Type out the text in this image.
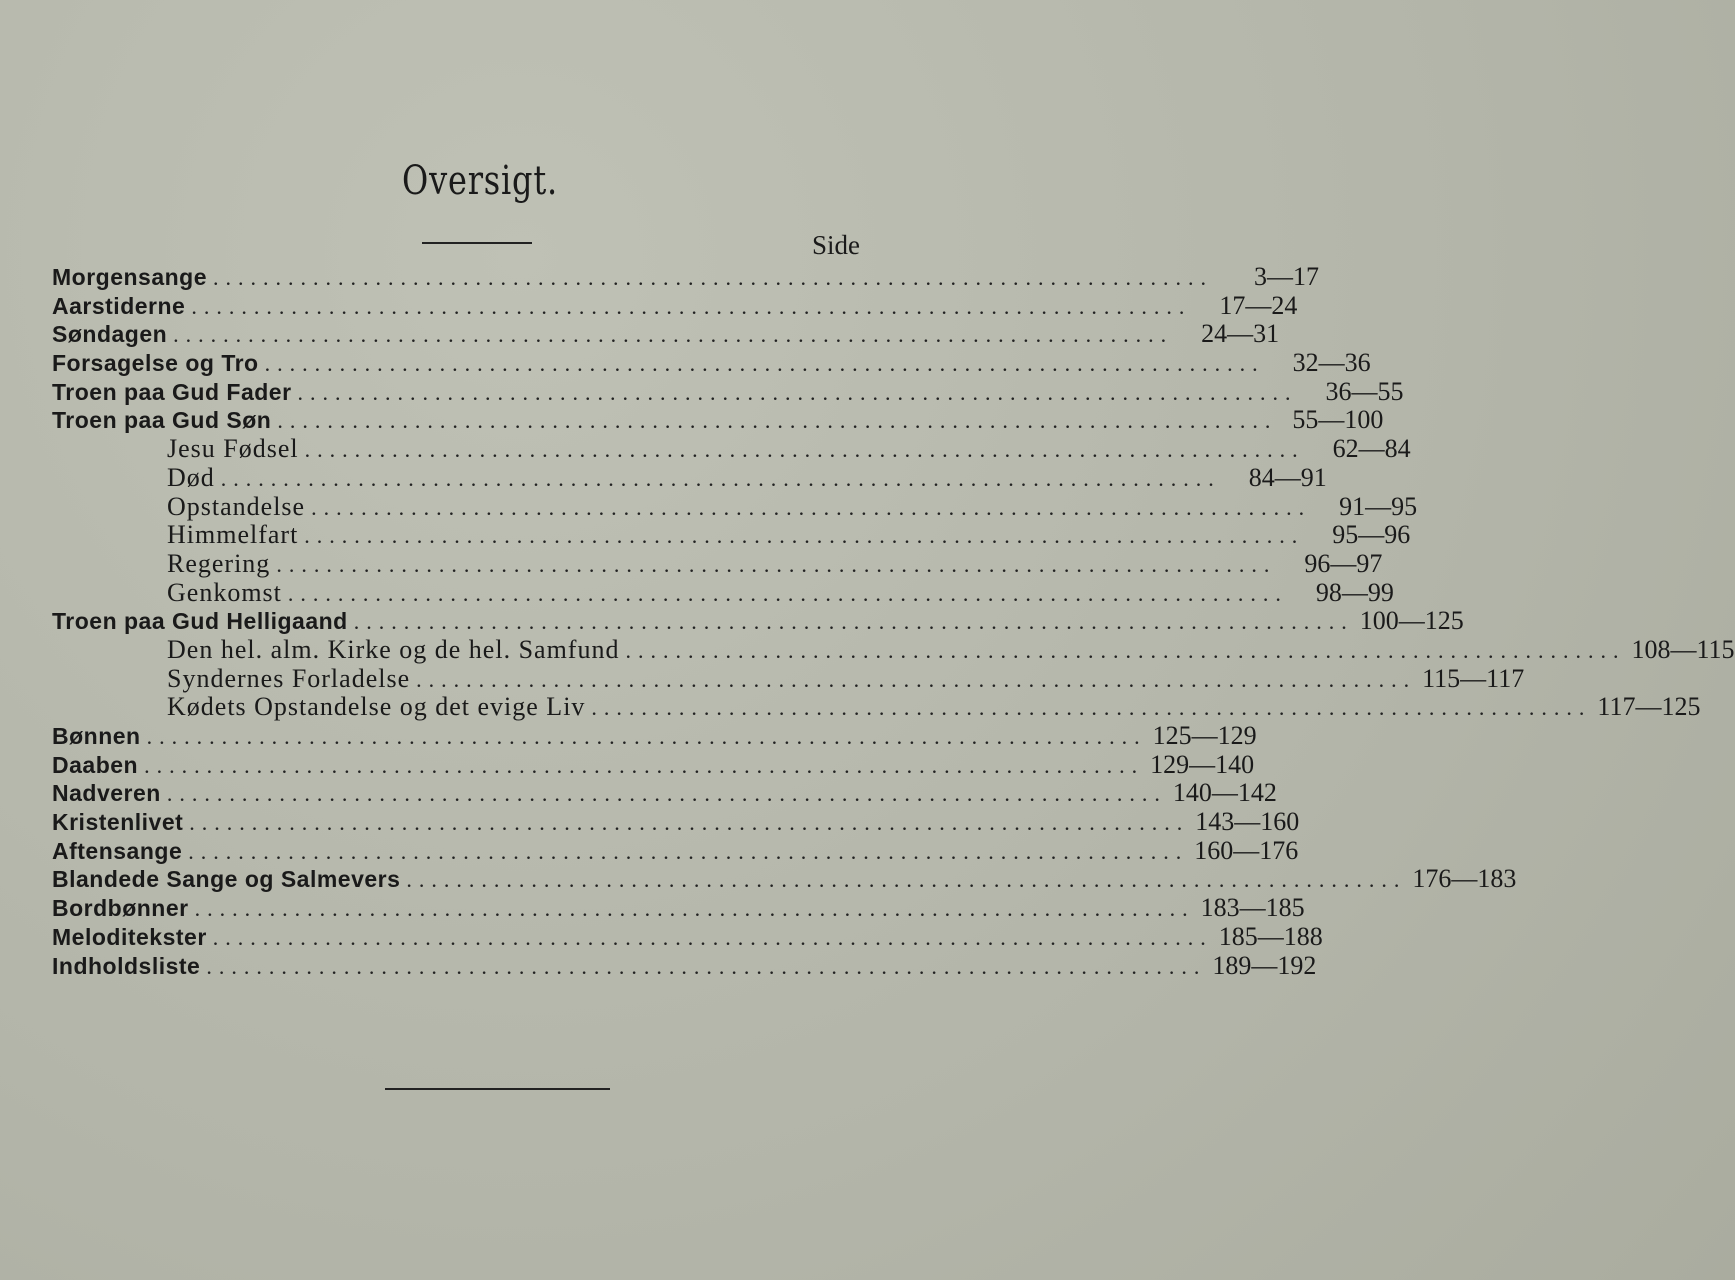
Oversigt.
Side
Morgensange ................................................................................	3—17
Aarstiderne ................................................................................	17—24
Søndagen ................................................................................	24—31
Forsagelse og Tro ................................................................................	32—36
Troen paa Gud Fader ................................................................................	36—55
Troen paa Gud Søn ................................................................................ 55—100
Jesu Fødsel ................................................................................	62—84
Død ................................................................................	84—91
Opstandelse ................................................................................	91—95
Himmelfart ................................................................................	95—96
Regering ................................................................................	96—97
Genkomst ................................................................................	98—99
Troen paa Gud Helligaand ................................................................................ 100—125
Den hel. alm. Kirke og de hel. Samfund ................................................................................ 108—115
Syndernes Forladelse ................................................................................ 115—117
Kødets Opstandelse og det evige Liv ................................................................................ 117—125
Bønnen ................................................................................ 125—129
Daaben ................................................................................ 129—140
Nadveren ................................................................................ 140—142
Kristenlivet ................................................................................ 143—160
Aftensange ................................................................................ 160—176
Blandede Sange og Salmevers ................................................................................ 176—183
Bordbønner ................................................................................ 183—185
Meloditekster ................................................................................ 185—188
Indholdsliste ................................................................................ 189—192
